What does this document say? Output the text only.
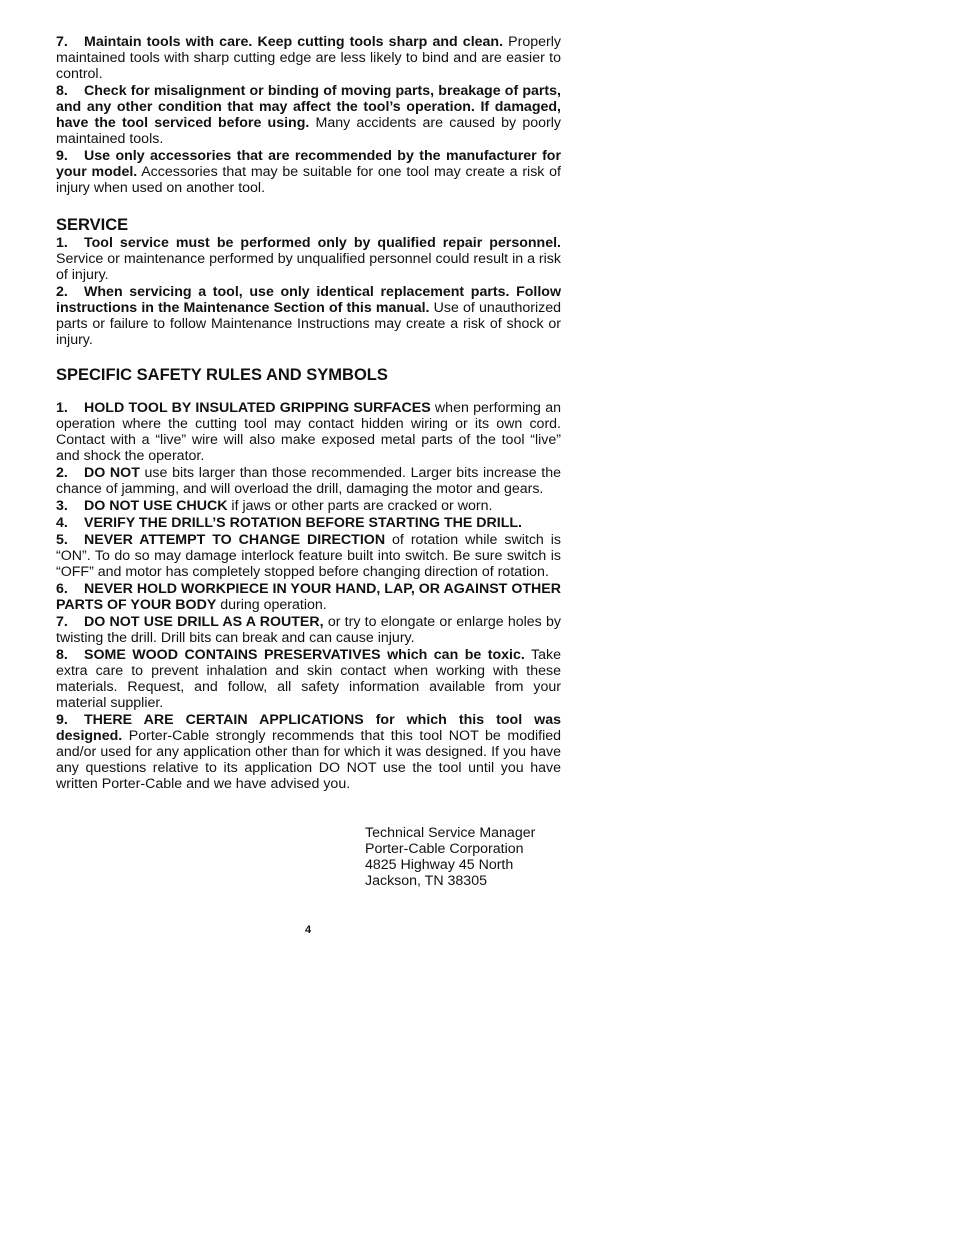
7. Maintain tools with care. Keep cutting tools sharp and clean. Properly maintained tools with sharp cutting edge are less likely to bind and are easier to control.

8. Check for misalignment or binding of moving parts, breakage of parts, and any other condition that may affect the tool’s operation. If damaged, have the tool serviced before using. Many accidents are caused by poorly maintained tools.

9. Use only accessories that are recommended by the manufacturer for your model. Accessories that may be suitable for one tool may create a risk of injury when used on another tool.

SERVICE

1. Tool service must be performed only by qualified repair personnel. Service or maintenance performed by unqualified personnel could result in a risk of injury.

2. When servicing a tool, use only identical replacement parts. Follow instructions in the Maintenance Section of this manual. Use of unauthorized parts or failure to follow Maintenance Instructions may create a risk of shock or injury.

SPECIFIC SAFETY RULES AND SYMBOLS

1. HOLD TOOL BY INSULATED GRIPPING SURFACES when performing an operation where the cutting tool may contact hidden wiring or its own cord. Contact with a “live” wire will also make exposed metal parts of the tool “live” and shock the operator.

2. DO NOT use bits larger than those recommended. Larger bits increase the chance of jamming, and will overload the drill, damaging the motor and gears.

3. DO NOT USE CHUCK if jaws or other parts are cracked or worn.

4. VERIFY THE DRILL’S ROTATION BEFORE STARTING THE DRILL.

5. NEVER ATTEMPT TO CHANGE DIRECTION of rotation while switch is “ON”. To do so may damage interlock feature built into switch. Be sure switch is “OFF” and motor has completely stopped before changing direction of rotation.

6. NEVER HOLD WORKPIECE IN YOUR HAND, LAP, OR AGAINST OTHER PARTS OF YOUR BODY during operation.

7. DO NOT USE DRILL AS A ROUTER, or try to elongate or enlarge holes by twisting the drill. Drill bits can break and can cause injury.

8. SOME WOOD CONTAINS PRESERVATIVES which can be toxic. Take extra care to prevent inhalation and skin contact when working with these materials. Request, and follow, all safety information available from your material supplier.

9. THERE ARE CERTAIN APPLICATIONS for which this tool was designed. Porter-Cable strongly recommends that this tool NOT be modified and/or used for any application other than for which it was designed. If you have any questions relative to its application DO NOT use the tool until you have written Porter-Cable and we have advised you.

Technical Service Manager
Porter-Cable Corporation
4825 Highway 45 North
Jackson, TN 38305
4
